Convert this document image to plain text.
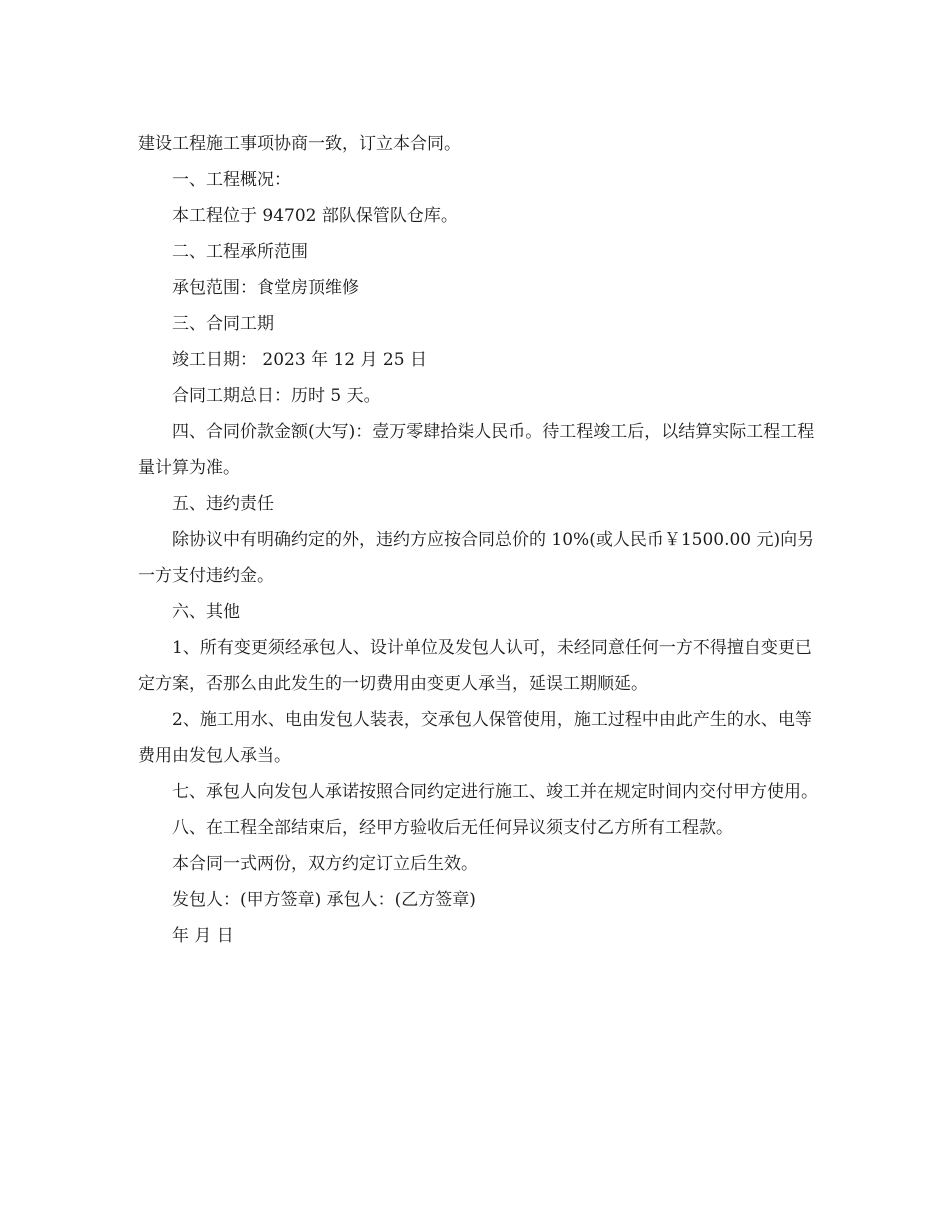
建设工程施工事项协商一致，订立本合同。

一、工程概况：

本工程位于 94702 部队保管队仓库。

二、工程承所范围

承包范围：食堂房顶维修

三、合同工期

竣工日期： 2023 年 12 月 25 日

合同工期总日：历时 5 天。

四、合同价款金额(大写)：壹万零肆拾柒人民币。待工程竣工后，以结算实际工程工程量计算为准。

五、违约责任

除协议中有明确约定的外，违约方应按合同总价的 10%(或人民币￥1500.00 元)向另一方支付违约金。

六、其他

1、所有变更须经承包人、设计单位及发包人认可，未经同意任何一方不得擅自变更已定方案，否那么由此发生的一切费用由变更人承当，延误工期顺延。

2、施工用水、电由发包人装表，交承包人保管使用，施工过程中由此产生的水、电等费用由发包人承当。

七、承包人向发包人承诺按照合同约定进行施工、竣工并在规定时间内交付甲方使用。

八、在工程全部结束后，经甲方验收后无任何异议须支付乙方所有工程款。

本合同一式两份，双方约定订立后生效。

发包人：(甲方签章) 承包人：(乙方签章)

年 月 日
